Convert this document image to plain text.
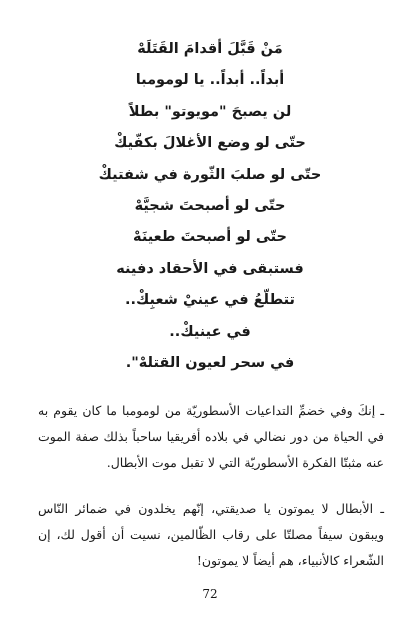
مَنْ قَبَّلَ أقدامَ القَتَلَهْ
أبداً.. أبداً.. يا لومومبا
لن يصبحَ "مويوتو" بطلاً
حتّى لو وضع الأغلالَ بكفّيكْ
حتّى لو صلبَ الثّورة في شفتيكْ
حتّى لو أصبحتَ شجيَّهْ
حتّى لو أصبحتَ طعينَهْ
فستبقى في الأحقاد دفينه
تتطلّعُ في عينيْ شعبِكْ..
في عينيكْ..
في سحر لعيون القتلهْ".

ـ إنكَ وفي خضمِّ التداعيات الأسطوريّة من لومومبا ما كان يقوم به في الحياة من دور نضالي في بلاده أفريقيا ساحباً بذلك صفة الموت عنه مثبتّا الفكرة الأسطوريّة التي لا تقبل موت الأبطال.

ـ الأبطال لا يموتون يا صديقتي، إنّهم يخلدون في ضمائر النّاس ويبقون سيفاً مصلتّا على رقاب الظّالمين، نسيت أن أقول لك، إن الشّعراء كالأنبياء، هم أيضاً لا يموتون!

72
